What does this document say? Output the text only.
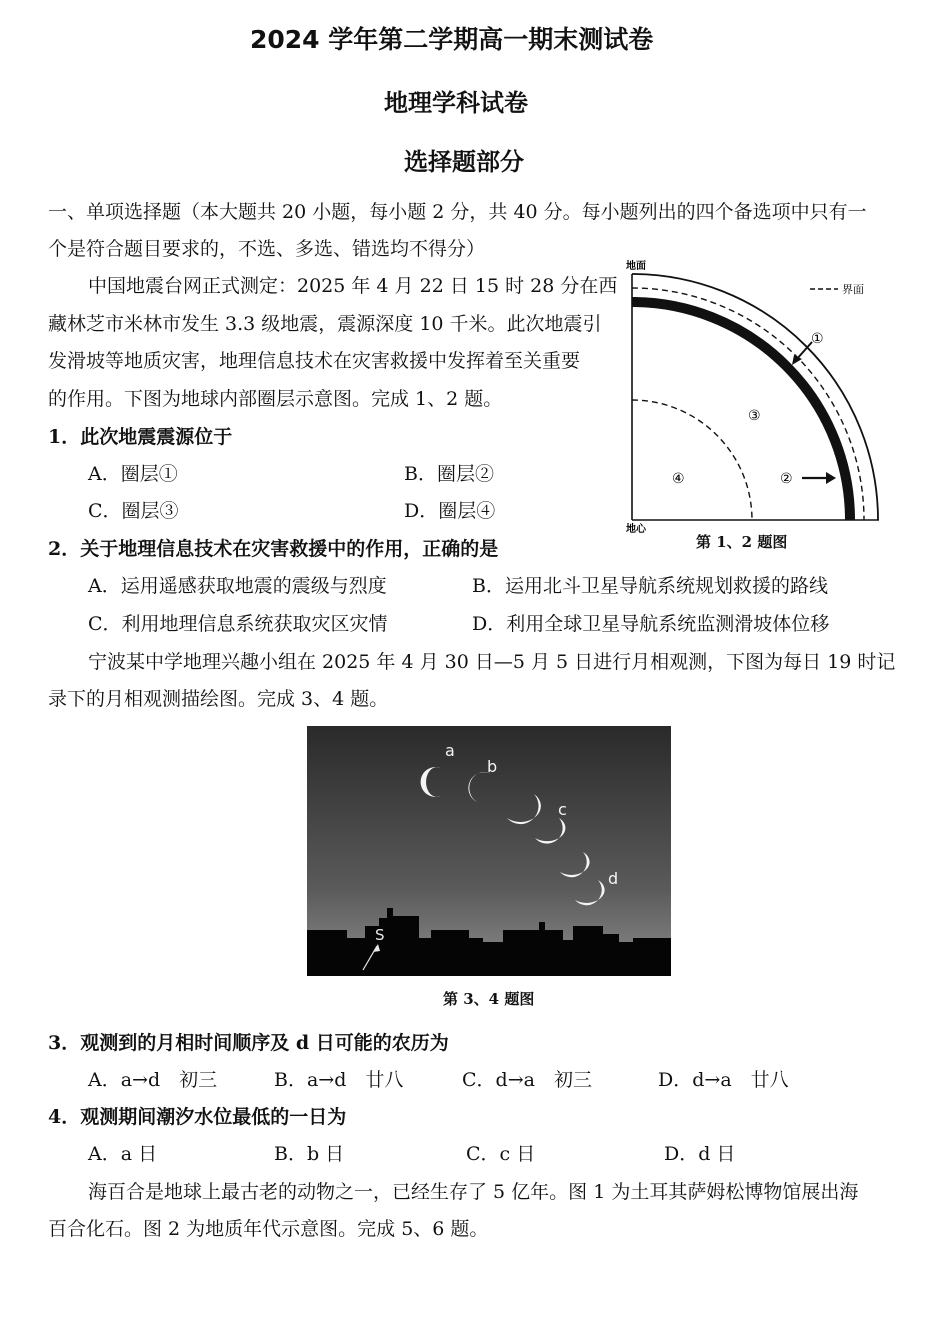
2024 学年第二学期高一期末测试卷
地理学科试卷
选择题部分
一、单项选择题（本大题共 20 小题，每小题 2 分，共 40 分。每小题列出的四个备选项中只有一
个是符合题目要求的，不选、多选、错选均不得分）
中国地震台网正式测定：2025 年 4 月 22 日 15 时 28 分在西
藏林芝市米林市发生 3.3 级地震，震源深度 10 千米。此次地震引
发滑坡等地质灾害，地理信息技术在灾害救援中发挥着至关重要
的作用。下图为地球内部圈层示意图。完成 1、2 题。
地面
地心
界面
①
③
②
④
第 1、2 题图
1．此次地震震源位于
A．圈层①	B．圈层②
C．圈层③	D．圈层④
2．关于地理信息技术在灾害救援中的作用，正确的是
A．运用遥感获取地震的震级与烈度	B．运用北斗卫星导航系统规划救援的路线
C．利用地理信息系统获取灾区灾情	D．利用全球卫星导航系统监测滑坡体位移
宁波某中学地理兴趣小组在 2025 年 4 月 30 日—5 月 5 日进行月相观测，下图为每日 19 时记
录下的月相观测描绘图。完成 3、4 题。
a
b
c
d
S
第 3、4 题图
3．观测到的月相时间顺序及 d 日可能的农历为
A．a→d　初三	B．a→d　廿八	C．d→a　初三	D．d→a　廿八
4．观测期间潮汐水位最低的一日为
A．a 日	B．b 日	C．c 日	D．d 日
海百合是地球上最古老的动物之一，已经生存了 5 亿年。图 1 为土耳其萨姆松博物馆展出海
百合化石。图 2 为地质年代示意图。完成 5、6 题。
